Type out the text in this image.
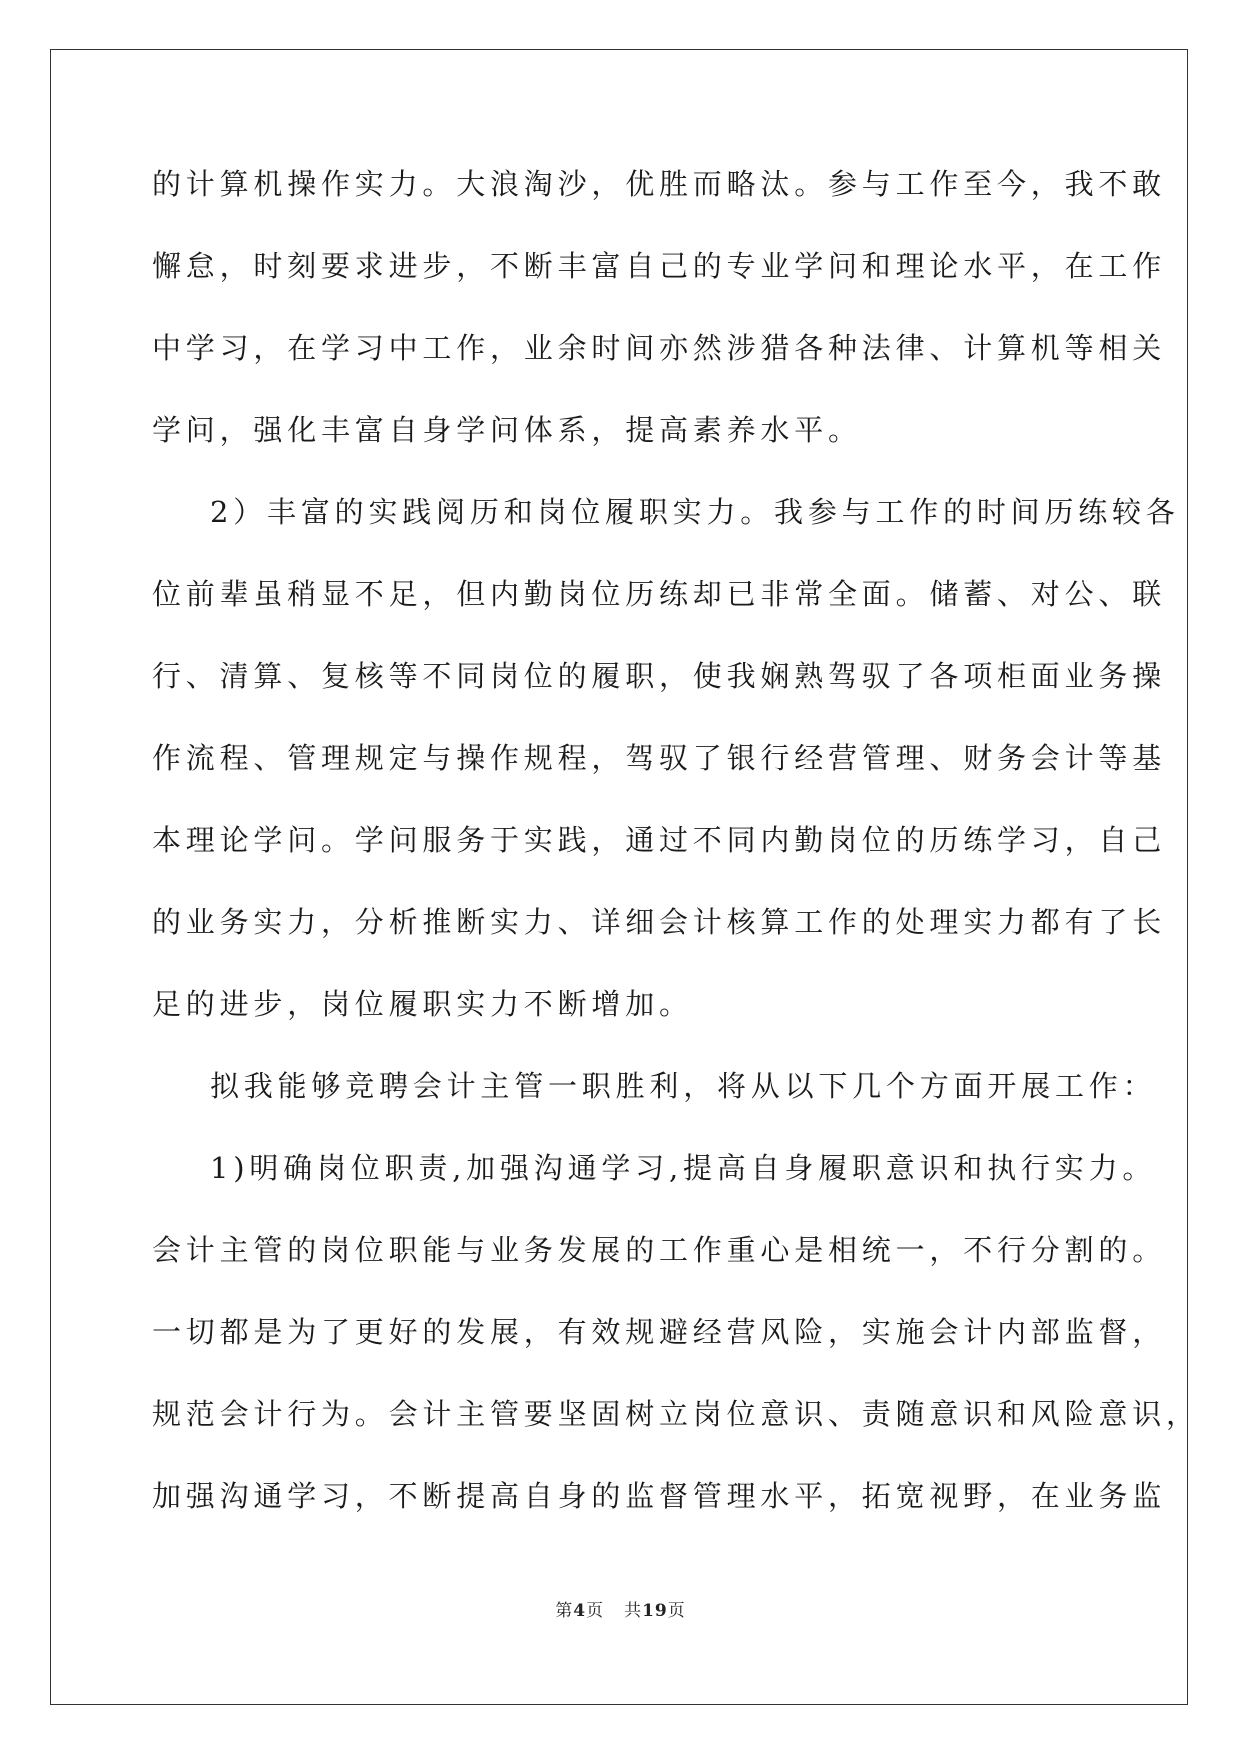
的计算机操作实力。大浪淘沙，优胜而略汰。参与工作至今，我不敢
懈怠，时刻要求进步，不断丰富自己的专业学问和理论水平，在工作
中学习，在学习中工作，业余时间亦然涉猎各种法律、计算机等相关
学问，强化丰富自身学问体系，提高素养水平。
2）丰富的实践阅历和岗位履职实力。我参与工作的时间历练较各
位前辈虽稍显不足，但内勤岗位历练却已非常全面。储蓄、对公、联
行、清算、复核等不同岗位的履职，使我娴熟驾驭了各项柜面业务操
作流程、管理规定与操作规程，驾驭了银行经营管理、财务会计等基
本理论学问。学问服务于实践，通过不同内勤岗位的历练学习，自己
的业务实力，分析推断实力、详细会计核算工作的处理实力都有了长
足的进步，岗位履职实力不断增加。
拟我能够竞聘会计主管一职胜利，将从以下几个方面开展工作：
1)明确岗位职责,加强沟通学习,提高自身履职意识和执行实力。
会计主管的岗位职能与业务发展的工作重心是相统一，不行分割的。
一切都是为了更好的发展，有效规避经营风险，实施会计内部监督，
规范会计行为。会计主管要坚固树立岗位意识、责随意识和风险意识，
加强沟通学习，不断提高自身的监督管理水平，拓宽视野，在业务监
第4页 共19页
